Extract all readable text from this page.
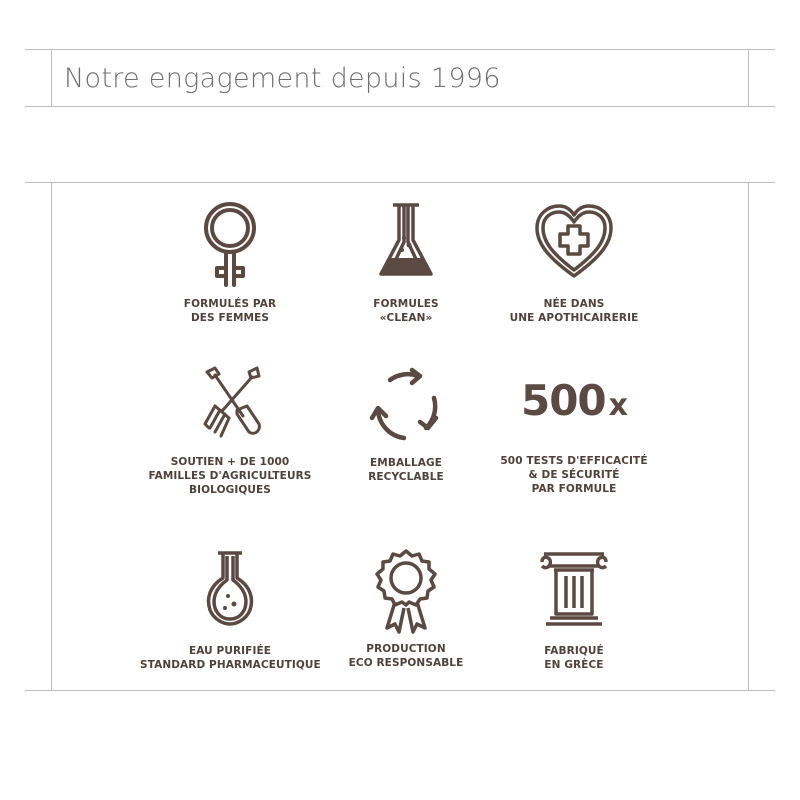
Notre engagement depuis 1996
FORMULÉS PAR
DES FEMMES
FORMULES
«CLEAN»
NÉE DANS
UNE APOTHICAIRERIE
SOUTIEN + DE 1000
FAMILLES D'AGRICULTEURS
BIOLOGIQUES
EMBALLAGE
RECYCLABLE
500 x
500 TESTS D'EFFICACITÉ
& DE SÉCURITÉ
PAR FORMULE
EAU PURIFIÉE
STANDARD PHARMACEUTIQUE
PRODUCTION
ECO RESPONSABLE
FABRIQUÉ
EN GRÈCE
